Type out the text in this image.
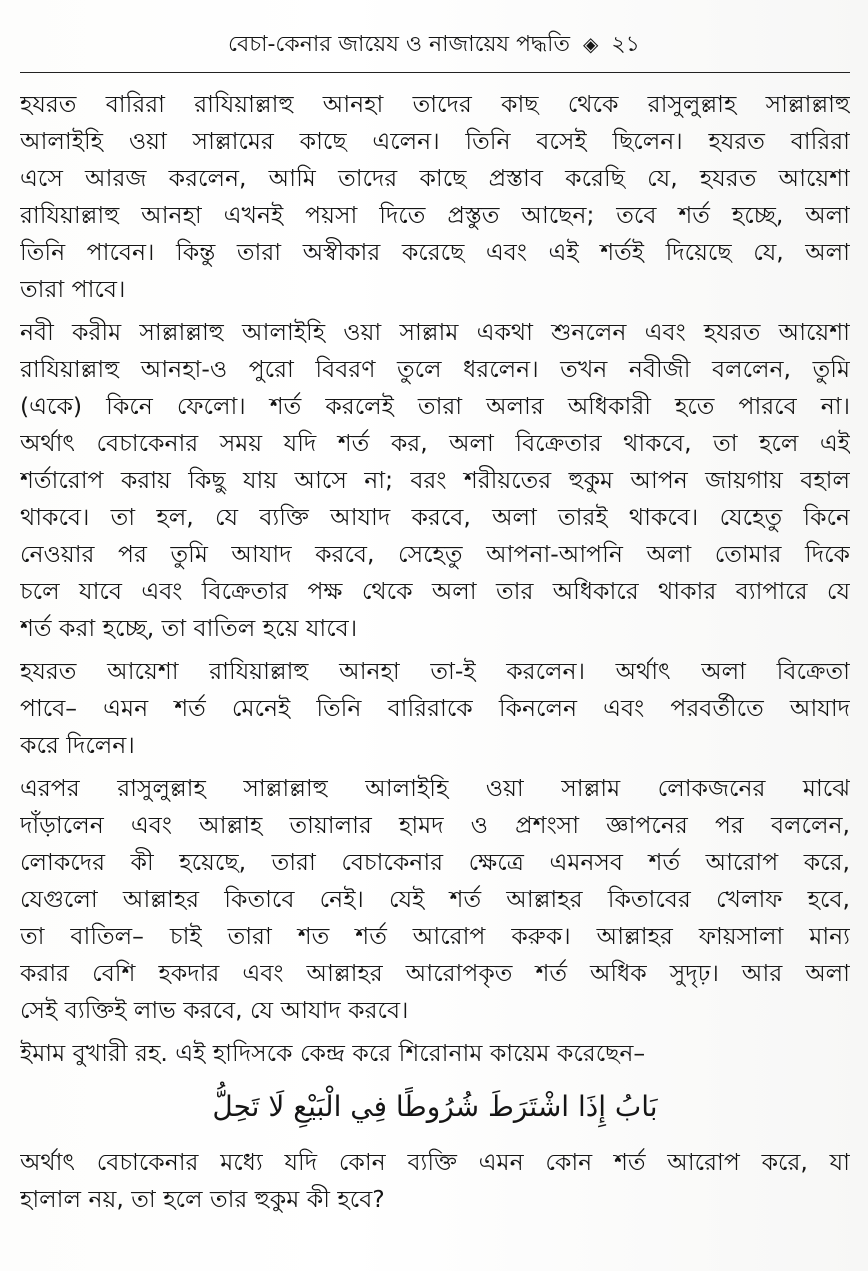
বেচা-কেনার জায়েয ও নাজায়েয পদ্ধতি ◈ ২১
হযরত বারিরা রাযিয়াল্লাহু আনহা তাদের কাছ থেকে রাসুলুল্লাহ সাল্লাল্লাহু
আলাইহি ওয়া সাল্লামের কাছে এলেন। তিনি বসেই ছিলেন। হযরত বারিরা
এসে আরজ করলেন, আমি তাদের কাছে প্রস্তাব করেছি যে, হযরত আয়েশা
রাযিয়াল্লাহু আনহা এখনই পয়সা দিতে প্রস্তুত আছেন; তবে শর্ত হচ্ছে, অলা
তিনি পাবেন। কিন্তু তারা অস্বীকার করেছে এবং এই শর্তই দিয়েছে যে, অলা
তারা পাবে।
নবী করীম সাল্লাল্লাহু আলাইহি ওয়া সাল্লাম একথা শুনলেন এবং হযরত আয়েশা
রাযিয়াল্লাহু আনহা-ও পুরো বিবরণ তুলে ধরলেন। তখন নবীজী বললেন, তুমি
(একে) কিনে ফেলো। শর্ত করলেই তারা অলার অধিকারী হতে পারবে না।
অর্থাৎ বেচাকেনার সময় যদি শর্ত কর, অলা বিক্রেতার থাকবে, তা হলে এই
শর্তারোপ করায় কিছু যায় আসে না; বরং শরীয়তের হুকুম আপন জায়গায় বহাল
থাকবে। তা হল, যে ব্যক্তি আযাদ করবে, অলা তারই থাকবে। যেহেতু কিনে
নেওয়ার পর তুমি আযাদ করবে, সেহেতু আপনা-আপনি অলা তোমার দিকে
চলে যাবে এবং বিক্রেতার পক্ষ থেকে অলা তার অধিকারে থাকার ব্যাপারে যে
শর্ত করা হচ্ছে, তা বাতিল হয়ে যাবে।
হযরত আয়েশা রাযিয়াল্লাহু আনহা তা-ই করলেন। অর্থাৎ অলা বিক্রেতা
পাবে– এমন শর্ত মেনেই তিনি বারিরাকে কিনলেন এবং পরবর্তীতে আযাদ
করে দিলেন।
এরপর রাসুলুল্লাহ সাল্লাল্লাহু আলাইহি ওয়া সাল্লাম লোকজনের মাঝে
দাঁড়ালেন এবং আল্লাহ তায়ালার হামদ ও প্রশংসা জ্ঞাপনের পর বললেন,
লোকদের কী হয়েছে, তারা বেচাকেনার ক্ষেত্রে এমনসব শর্ত আরোপ করে,
যেগুলো আল্লাহর কিতাবে নেই। যেই শর্ত আল্লাহর কিতাবের খেলাফ হবে,
তা বাতিল– চাই তারা শত শর্ত আরোপ করুক। আল্লাহর ফায়সালা মান্য
করার বেশি হকদার এবং আল্লাহর আরোপকৃত শর্ত অধিক সুদৃঢ়। আর অলা
সেই ব্যক্তিই লাভ করবে, যে আযাদ করবে।
ইমাম বুখারী রহ. এই হাদিসকে কেন্দ্র করে শিরোনাম কায়েম করেছেন–
بَابُ إِذَا اشْتَرَطَ شُرُوطًا فِي الْبَيْعِ لَا تَحِلُّ
অর্থাৎ বেচাকেনার মধ্যে যদি কোন ব্যক্তি এমন কোন শর্ত আরোপ করে, যা
হালাল নয়, তা হলে তার হুকুম কী হবে?
